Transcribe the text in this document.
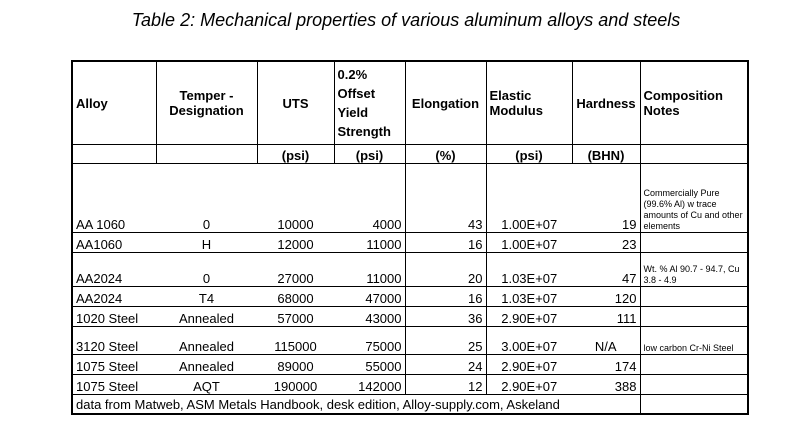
Table 2: Mechanical properties of various aluminum alloys and steels
Alloy	Temper - Designation	UTS	0.2% Offset Yield Strength	Elongation	Elastic Modulus	Hardness	Composition Notes
		(psi)	(psi)	(%)	(psi)	(BHN)	
AA 1060	0	10000	4000	43	1.00E+07	19	Commercially Pure (99.6% Al) w trace amounts of Cu and other elements
AA1060	H	12000	11000	16	1.00E+07	23	
AA2024	0	27000	11000	20	1.03E+07	47	Wt. % Al 90.7 - 94.7, Cu 3.8 - 4.9
AA2024	T4	68000	47000	16	1.03E+07	120	
1020 Steel	Annealed	57000	43000	36	2.90E+07	111	
3120 Steel	Annealed	115000	75000	25	3.00E+07	N/A	low carbon Cr-Ni Steel
1075 Steel	Annealed	89000	55000	24	2.90E+07	174	
1075 Steel	AQT	190000	142000	12	2.90E+07	388	
data from Matweb, ASM Metals Handbook, desk edition, Alloy-supply.com, Askeland							
